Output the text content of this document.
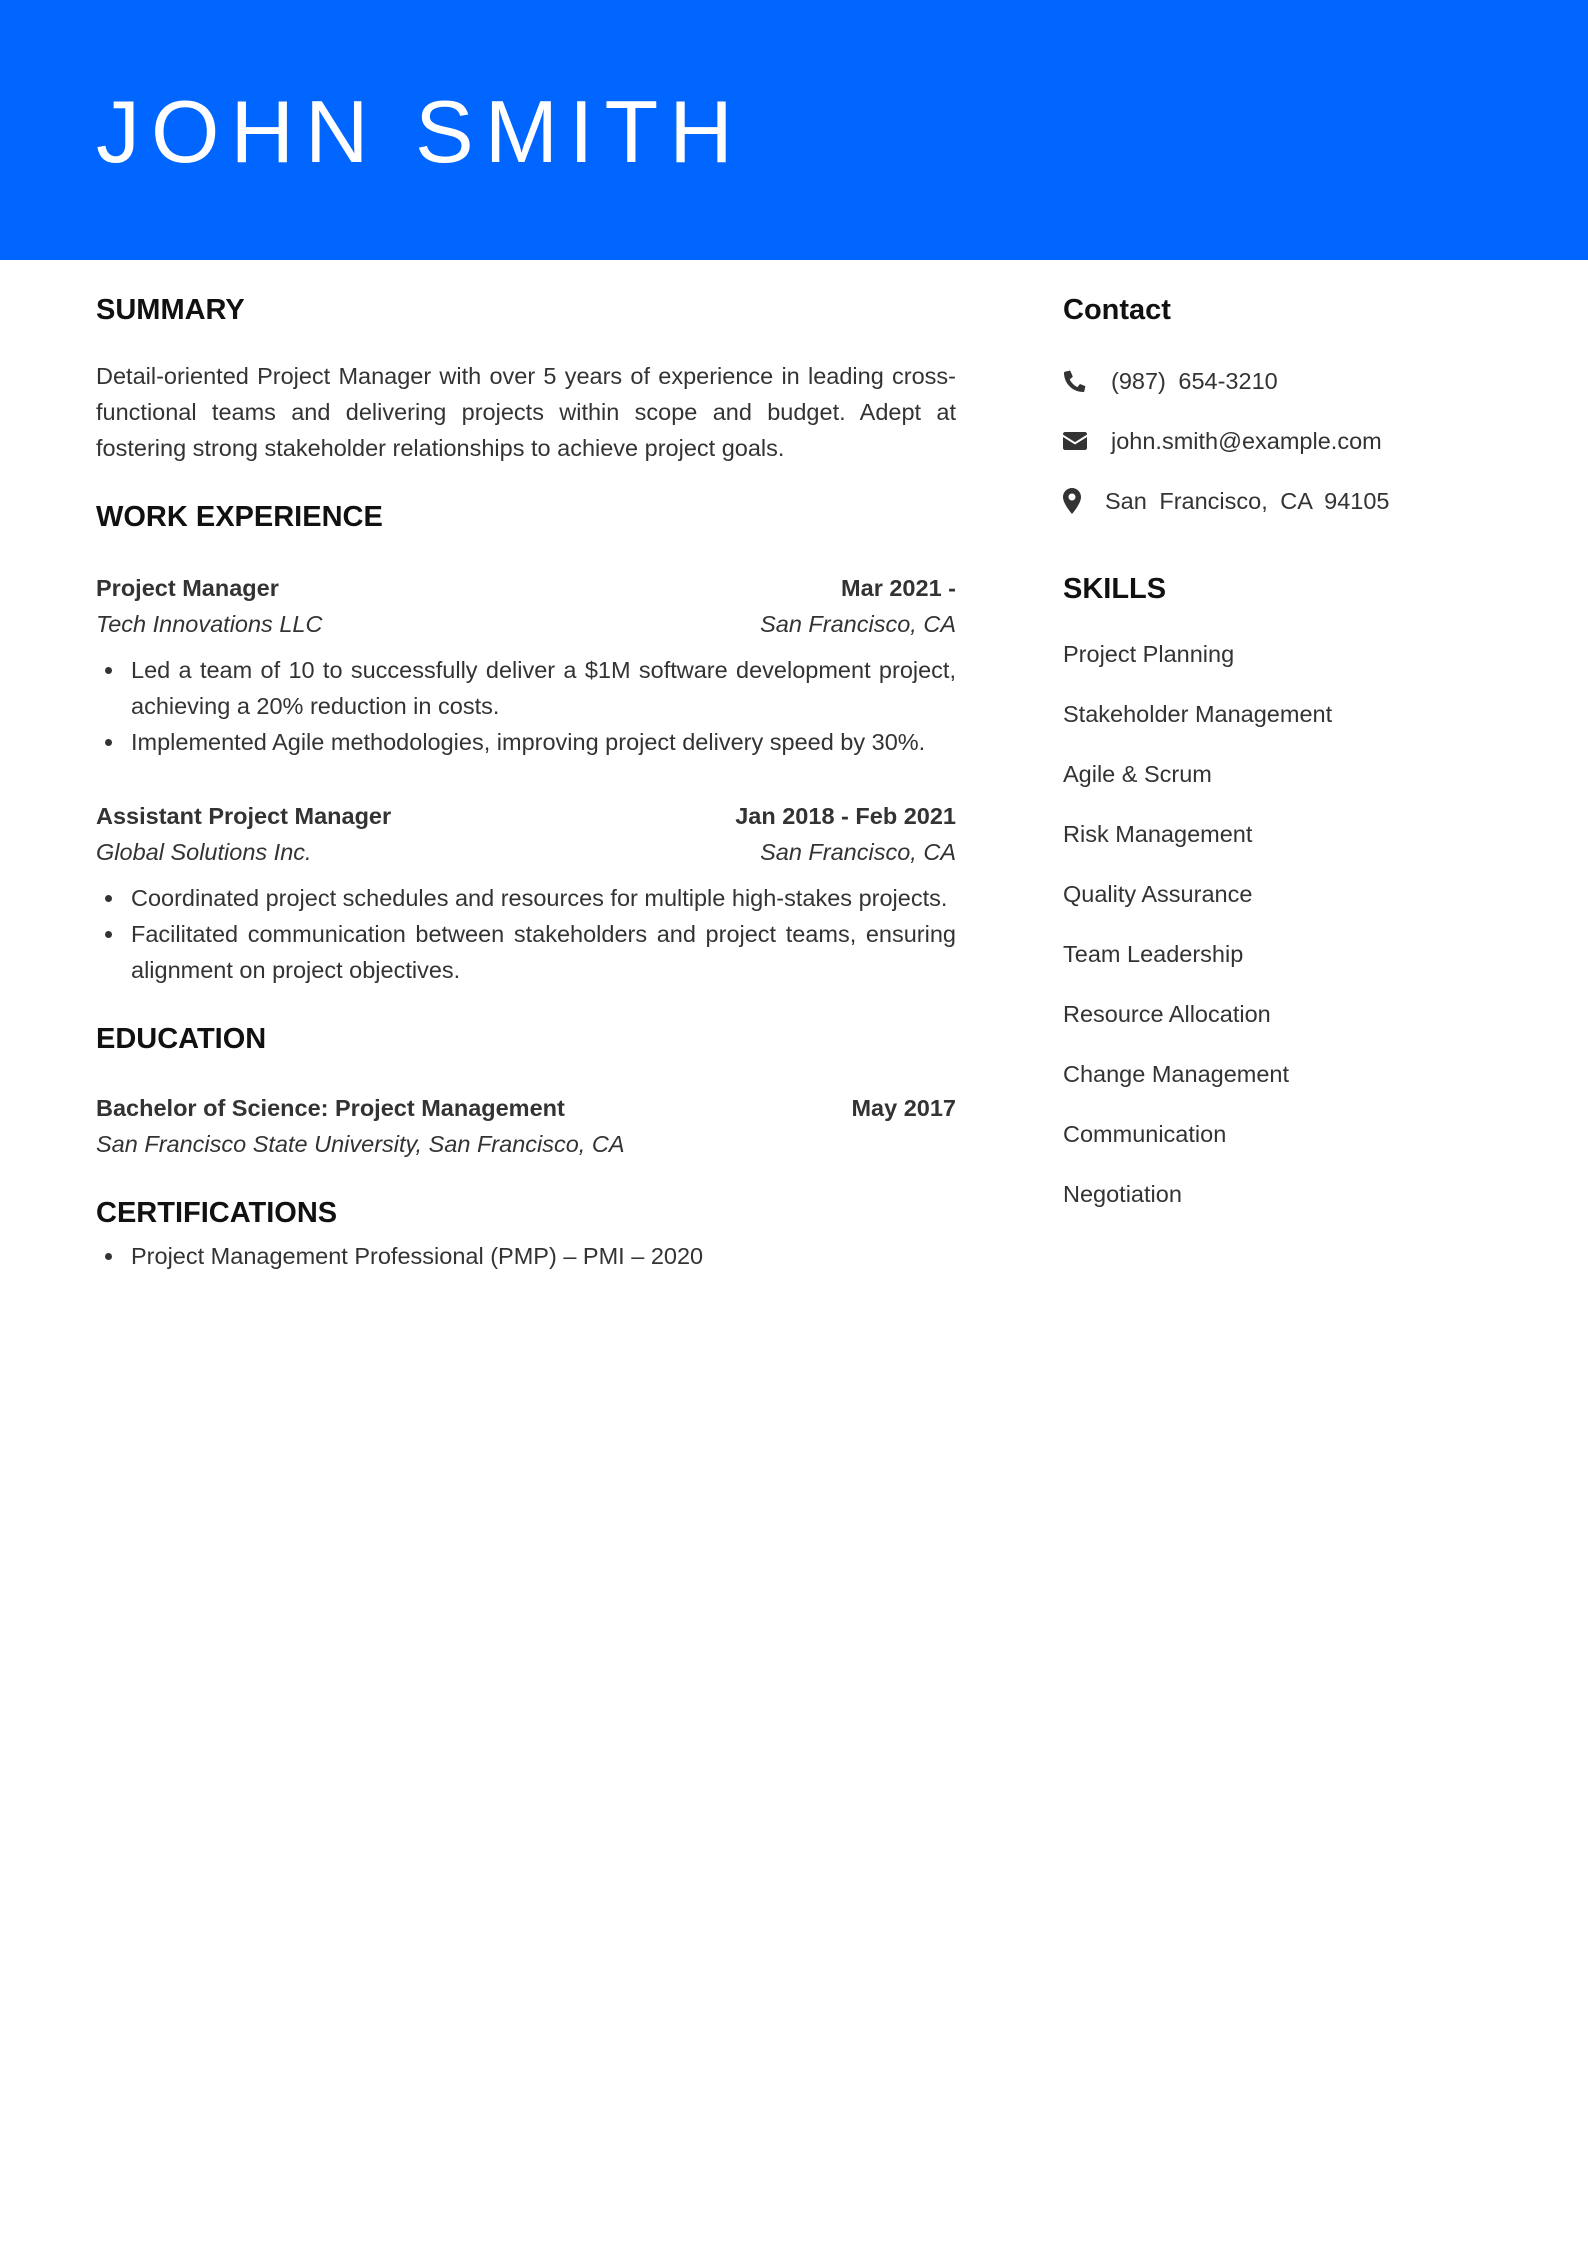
JOHN SMITH
SUMMARY

Detail-oriented Project Manager with over 5 years of experience in leading cross-functional teams and delivering projects within scope and budget. Adept at fostering strong stakeholder relationships to achieve project goals.

WORK EXPERIENCE
Project Manager	Mar 2021 -
Tech Innovations LLC	San Francisco, CA
Led a team of 10 to successfully deliver a $1M software development project, achieving a 20% reduction in costs.
Implemented Agile methodologies, improving project delivery speed by 30%.
Assistant Project Manager	Jan 2018 - Feb 2021
Global Solutions Inc.	San Francisco, CA
Coordinated project schedules and resources for multiple high-stakes projects.
Facilitated communication between stakeholders and project teams, ensuring alignment on project objectives.
EDUCATION
Bachelor of Science: Project Management	May 2017
San Francisco State University, San Francisco, CA
CERTIFICATIONS
Project Management Professional (PMP) – PMI – 2020
Contact
(987) 654-3210
john.smith@example.com
San Francisco, CA 94105
SKILLS
Project Planning
Stakeholder Management
Agile & Scrum
Risk Management
Quality Assurance
Team Leadership
Resource Allocation
Change Management
Communication
Negotiation
